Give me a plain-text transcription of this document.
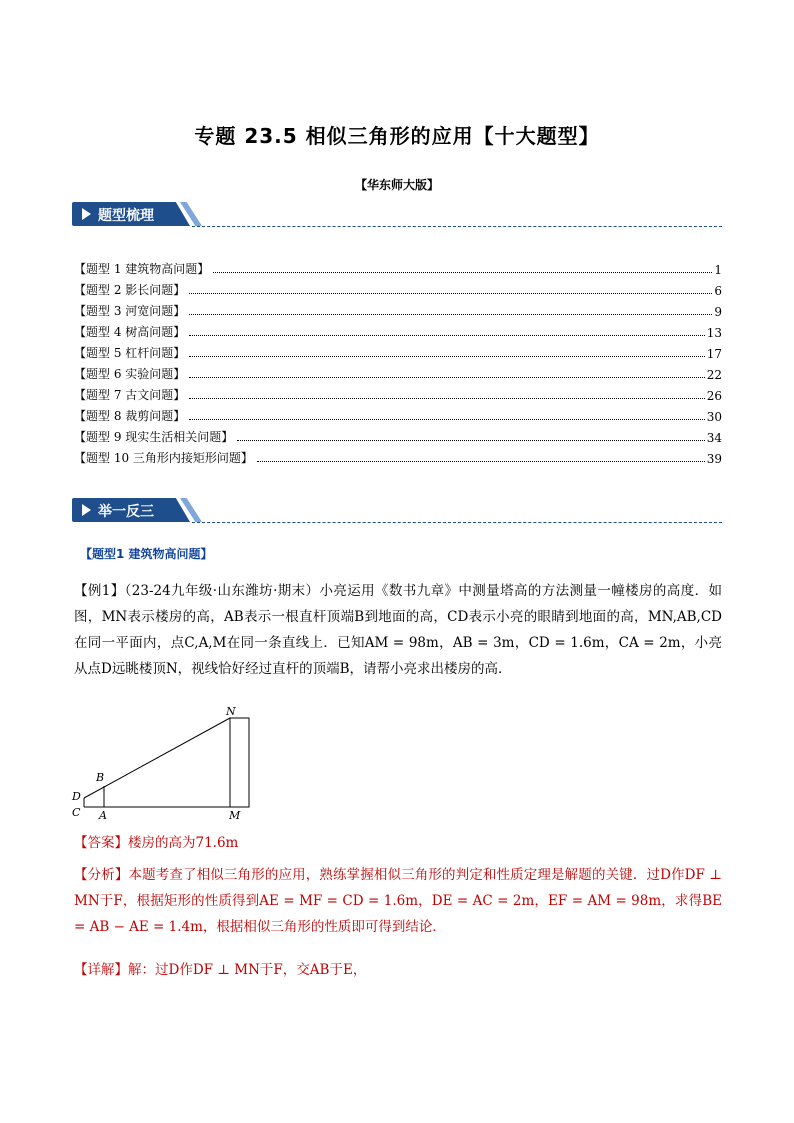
专题 23.5 相似三角形的应用【十大题型】
【华东师大版】
题型梳理
【题型 1 建筑物高问题】	1
【题型 2 影长问题】	6
【题型 3 河宽问题】	9
【题型 4 树高问题】	13
【题型 5 杠杆问题】	17
【题型 6 实验问题】	22
【题型 7 古文问题】	26
【题型 8 裁剪问题】	30
【题型 9 现实生活相关问题】	34
【题型 10 三角形内接矩形问题】	39
举一反三
【题型1 建筑物高问题】
【例1】（23-24九年级·山东潍坊·期末）小亮运用《数书九章》中测量塔高的方法测量一幢楼房的高度．如图，MN表示楼房的高，AB表示一根直杆顶端B到地面的高，CD表示小亮的眼睛到地面的高，MN,AB,CD在同一平面内，点C,A,M在同一条直线上．已知AM = 98m，AB = 3m，CD = 1.6m，CA = 2m，小亮从点D远眺楼顶N，视线恰好经过直杆的顶端B，请帮小亮求出楼房的高．
N
B
D
C A	M
【答案】楼房的高为71.6m
【分析】本题考查了相似三角形的应用，熟练掌握相似三角形的判定和性质定理是解题的关键．过D作DF ⊥ MN于F，根据矩形的性质得到AE = MF = CD = 1.6m，DE = AC = 2m，EF = AM = 98m，求得BE = AB − AE = 1.4m，根据相似三角形的性质即可得到结论．
【详解】解：过D作DF ⊥ MN于F，交AB于E，
